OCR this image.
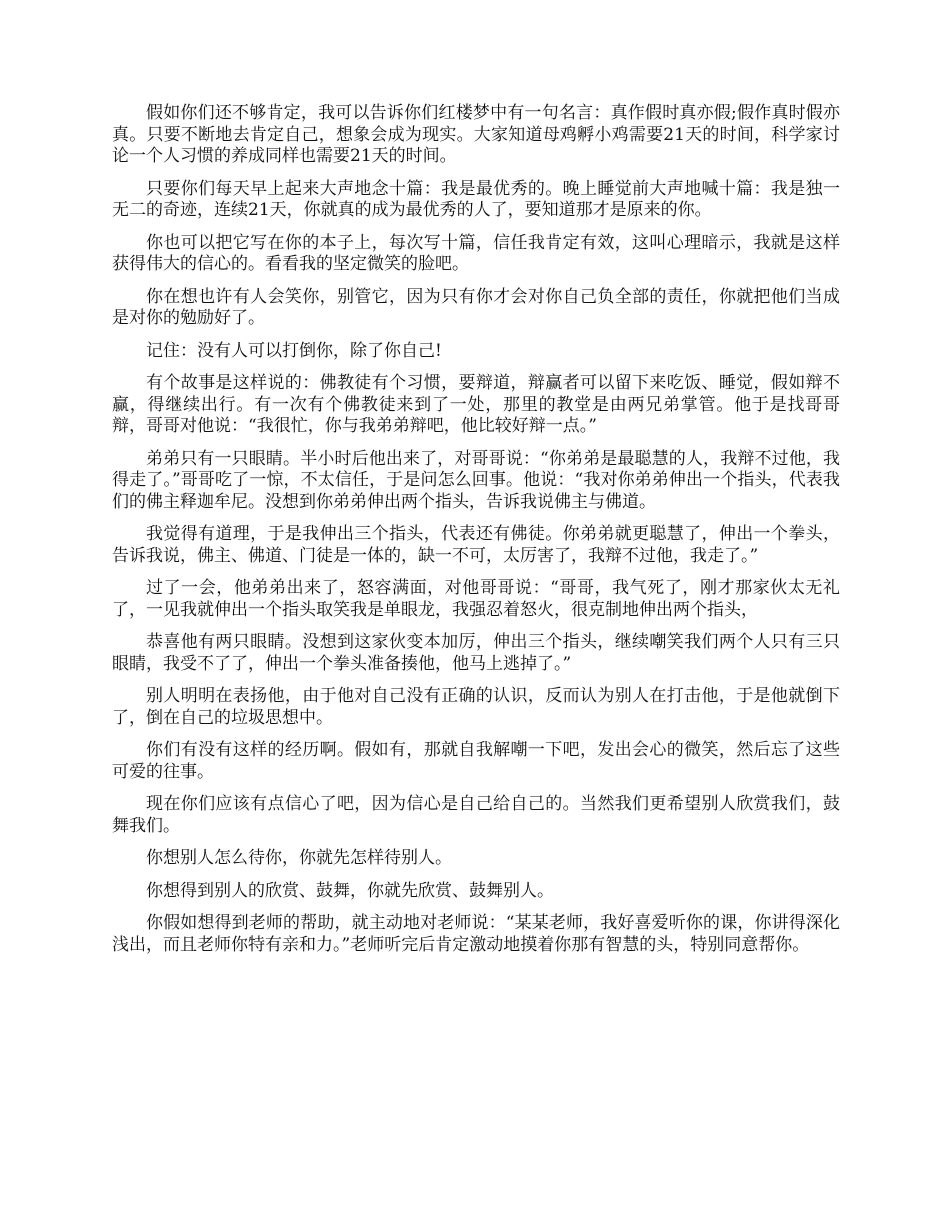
假如你们还不够肯定，我可以告诉你们红楼梦中有一句名言：真作假时真亦假;假作真时假亦真。只要不断地去肯定自己，想象会成为现实。大家知道母鸡孵小鸡需要21天的时间，科学家讨论一个人习惯的养成同样也需要21天的时间。

只要你们每天早上起来大声地念十篇：我是最优秀的。晚上睡觉前大声地喊十篇：我是独一无二的奇迹，连续21天，你就真的成为最优秀的人了，要知道那才是原来的你。

你也可以把它写在你的本子上，每次写十篇，信任我肯定有效，这叫心理暗示，我就是这样获得伟大的信心的。看看我的坚定微笑的脸吧。

你在想也许有人会笑你，别管它，因为只有你才会对你自己负全部的责任，你就把他们当成是对你的勉励好了。

记住：没有人可以打倒你，除了你自己!

有个故事是这样说的：佛教徒有个习惯，要辩道，辩赢者可以留下来吃饭、睡觉，假如辩不赢，得继续出行。有一次有个佛教徒来到了一处，那里的教堂是由两兄弟掌管。他于是找哥哥辩，哥哥对他说：“我很忙，你与我弟弟辩吧，他比较好辩一点。”

弟弟只有一只眼睛。半小时后他出来了，对哥哥说：“你弟弟是最聪慧的人，我辩不过他，我得走了。”哥哥吃了一惊，不太信任，于是问怎么回事。他说：“我对你弟弟伸出一个指头，代表我们的佛主释迦牟尼。没想到你弟弟伸出两个指头，告诉我说佛主与佛道。

我觉得有道理，于是我伸出三个指头，代表还有佛徒。你弟弟就更聪慧了，伸出一个拳头，告诉我说，佛主、佛道、门徒是一体的，缺一不可，太厉害了，我辩不过他，我走了。”

过了一会，他弟弟出来了，怒容满面，对他哥哥说：“哥哥，我气死了，刚才那家伙太无礼了，一见我就伸出一个指头取笑我是单眼龙，我强忍着怒火，很克制地伸出两个指头，

恭喜他有两只眼睛。没想到这家伙变本加厉，伸出三个指头，继续嘲笑我们两个人只有三只眼睛，我受不了了，伸出一个拳头准备揍他，他马上逃掉了。”

别人明明在表扬他，由于他对自己没有正确的认识，反而认为别人在打击他，于是他就倒下了，倒在自己的垃圾思想中。

你们有没有这样的经历啊。假如有，那就自我解嘲一下吧，发出会心的微笑，然后忘了这些可爱的往事。

现在你们应该有点信心了吧，因为信心是自己给自己的。当然我们更希望别人欣赏我们，鼓舞我们。

你想别人怎么待你，你就先怎样待别人。

你想得到别人的欣赏、鼓舞，你就先欣赏、鼓舞别人。

你假如想得到老师的帮助，就主动地对老师说：“某某老师，我好喜爱听你的课，你讲得深化浅出，而且老师你特有亲和力。”老师听完后肯定激动地摸着你那有智慧的头，特别同意帮你。
